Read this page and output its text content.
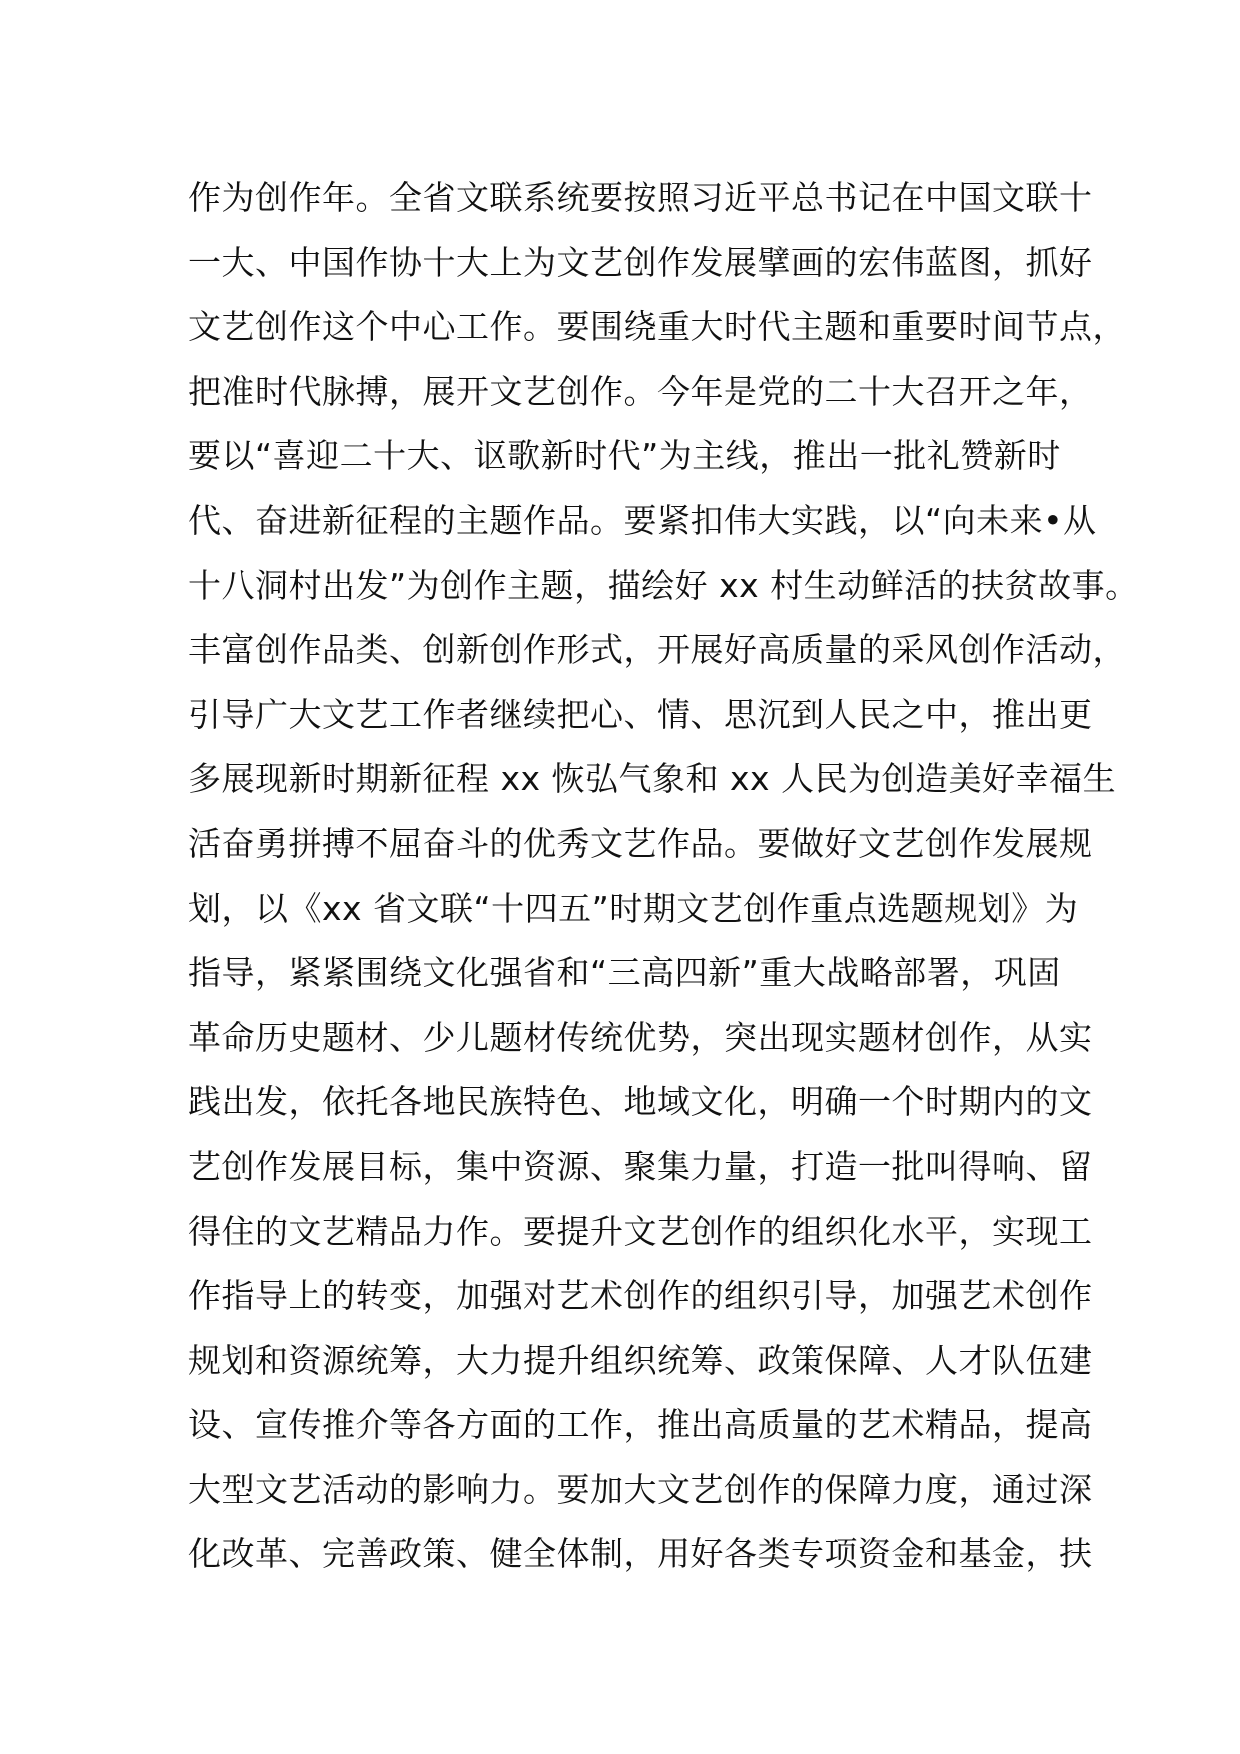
作为创作年。全省文联系统要按照习近平总书记在中国文联十
一大、中国作协十大上为文艺创作发展擘画的宏伟蓝图，抓好
文艺创作这个中心工作。要围绕重大时代主题和重要时间节点，
把准时代脉搏，展开文艺创作。今年是党的二十大召开之年，
要以“喜迎二十大、讴歌新时代”为主线，推出一批礼赞新时
代、奋进新征程的主题作品。要紧扣伟大实践，以“向未来•从
十八洞村出发”为创作主题，描绘好 xx 村生动鲜活的扶贫故事。
丰富创作品类、创新创作形式，开展好高质量的采风创作活动，
引导广大文艺工作者继续把心、情、思沉到人民之中，推出更
多展现新时期新征程 xx 恢弘气象和 xx 人民为创造美好幸福生
活奋勇拼搏不屈奋斗的优秀文艺作品。要做好文艺创作发展规
划，以《xx 省文联“十四五”时期文艺创作重点选题规划》为
指导，紧紧围绕文化强省和“三高四新”重大战略部署，巩固
革命历史题材、少儿题材传统优势，突出现实题材创作，从实
践出发，依托各地民族特色、地域文化，明确一个时期内的文
艺创作发展目标，集中资源、聚集力量，打造一批叫得响、留
得住的文艺精品力作。要提升文艺创作的组织化水平，实现工
作指导上的转变，加强对艺术创作的组织引导，加强艺术创作
规划和资源统筹，大力提升组织统筹、政策保障、人才队伍建
设、宣传推介等各方面的工作，推出高质量的艺术精品，提高
大型文艺活动的影响力。要加大文艺创作的保障力度，通过深
化改革、完善政策、健全体制，用好各类专项资金和基金，扶
